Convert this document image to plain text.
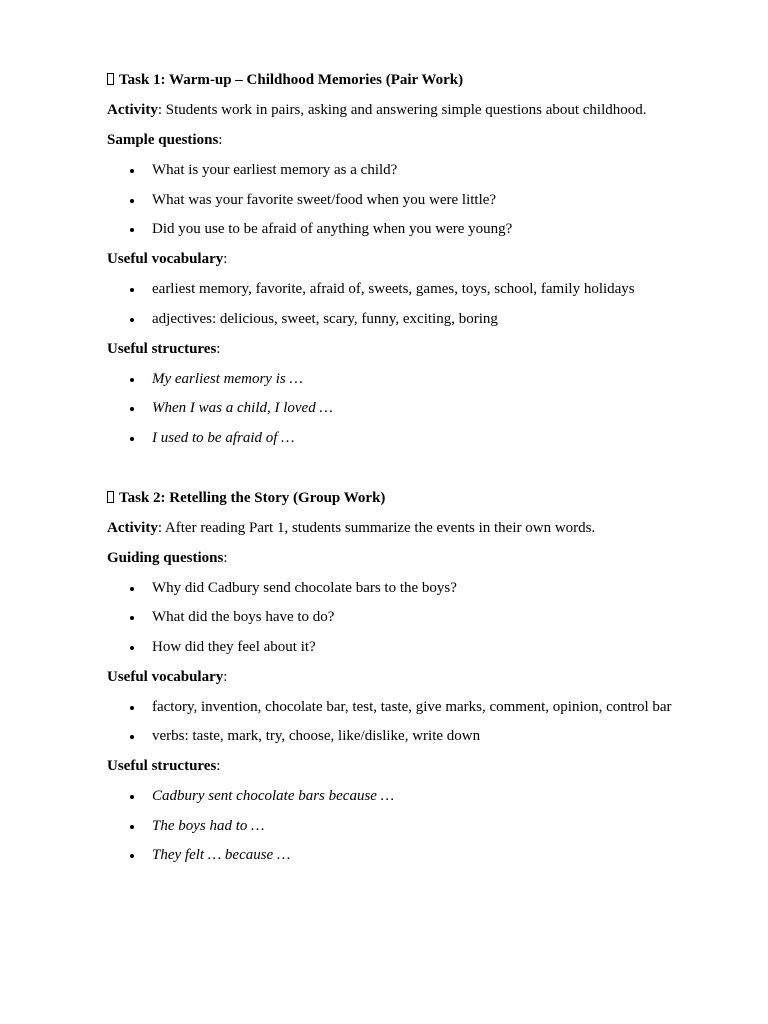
Task 1: Warm-up – Childhood Memories (Pair Work)
Activity: Students work in pairs, asking and answering simple questions about childhood.
Sample questions:
What is your earliest memory as a child?
What was your favorite sweet/food when you were little?
Did you use to be afraid of anything when you were young?
Useful vocabulary:
earliest memory, favorite, afraid of, sweets, games, toys, school, family holidays
adjectives: delicious, sweet, scary, funny, exciting, boring
Useful structures:
My earliest memory is …
When I was a child, I loved …
I used to be afraid of …
Task 2: Retelling the Story (Group Work)
Activity: After reading Part 1, students summarize the events in their own words.
Guiding questions:
Why did Cadbury send chocolate bars to the boys?
What did the boys have to do?
How did they feel about it?
Useful vocabulary:
factory, invention, chocolate bar, test, taste, give marks, comment, opinion, control bar
verbs: taste, mark, try, choose, like/dislike, write down
Useful structures:
Cadbury sent chocolate bars because …
The boys had to …
They felt … because …
